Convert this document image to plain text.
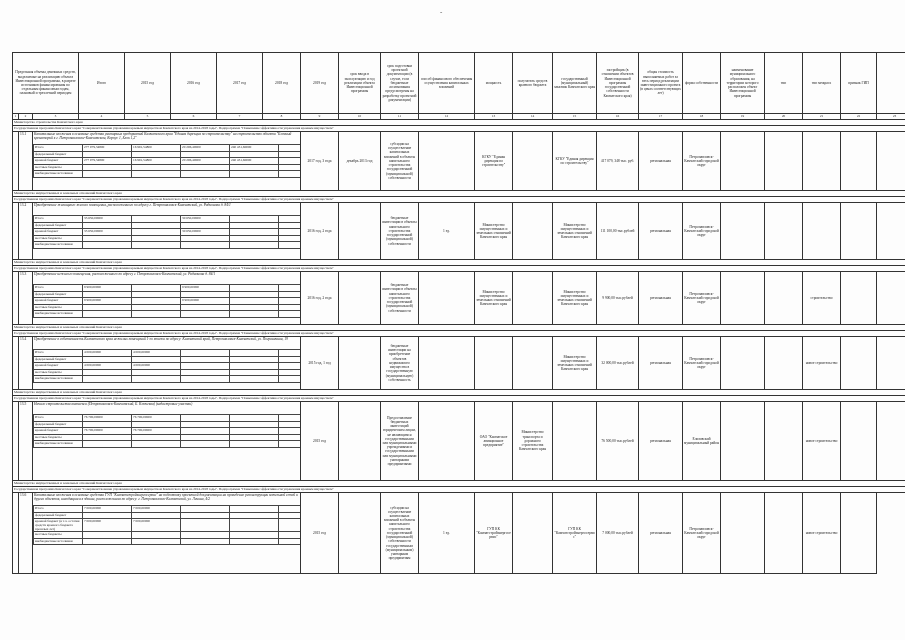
-
Предельная объемы денежных средств, выделяемые на реализацию объекта Инвестиционной программы, в разрезе источников финансирования по отдельным финансовым годам, плановый и трехлетний периодам	Итого	2015 год	2016 год	2017 год	2018 год	2019 год	срок ввода в эксплуатацию и год реализации объекта Инвестиционной программы	срок подготовки проектной документации (в случае, если бюджетные ассигнования предусмотрены на разработку проектной документации)	способ финансового обеспечения осуществления капитальных вложений	мощность	получатель средств краевого бюджета	государственный (муниципальный) заказчик Камчатского края	застройщик (в отношении объектов Инвестиционной программы государственной собственности Камчатского края)	общая стоимость выполняемых работ за весь период реализации инвестиционного проекта (в ценах соответствующих лет)	форма собственности	наименование муниципального образования, на территории которого расположен объект Инвестиционной программы	тип	тип межрасх	признак ГИП	
1	2	3	4	5	6	7	8	9	10	11	12	13	14	15	16	17	18	19	20	21	22	23
Министерство строительства Камчатского края
Государственная программа Камчатского края "Совершенствование управления краевым имуществом Камчатского края на 2014-2018 годы". Подпрограмма "Повышение эффективности управления краевым имуществом"
	13.1	Капитальные вложения в основные средства унитарных предприятий Камчатского края "Единая дирекция по строительству" на строительство объекта "Блочный крематорий в г. Петропавловске-Камчатском, Корпус 1, Блок 1,2"
Итого	277 079,34800	16 991,54800	20 206,40000	240 431,60000		
федеральный бюджет						
краевой бюджет	277 079,34800	16 991,54800	20 206,40000	240 431,60000		
местные бюджеты						
внебюджетные источники						
	2017 год, 3 года	декабрь 2013 год	субсидии на осуществление капитальных вложений в объекты капитального строительства государственной (муниципальной) собственности		КГКУ "Единая дирекция по строительству"		КГКУ "Единая дирекция по строительству"	417 079, 348 тыс. руб.	региональная	Петропавловск-Камчатский городской округ				
Министерство имущественных и земельных отношений Камчатского края
Государственная программа Камчатского края "Совершенствование управления краевым имуществом Камчатского края на 2014-2018 годы". Подпрограмма "Повышение эффективности управления краевым имуществом"
	13.2	Приобретение жилищного жилого помещения, расположенного по адресу г. Петропавловск-Камчатский, ул. Радионова д. 84/1
Итого	33 650,00000		30 650,00000			
федеральный бюджет						
краевой бюджет	33 650,00000		30 650,00000			
местные бюджеты						
внебюджетные источники						
	2016 год, 2 года		бюджетные инвестиции в объекты капитального строительства государственной (муниципальной) собственности	1 ед.	Министерство имущественных и земельных отношений Камчатского края		Министерство имущественных и земельных отношений Камчатского края	111 100,00 тыс.рублей	региональная	Петропавловск-Камчатский городской округ				
Министерство имущественных и земельных отношений Камчатского края
Государственная программа Камчатского края "Совершенствование управления краевым имуществом Камчатского края на 2014-2018 годы". Подпрограмма "Повышение эффективности управления краевым имуществом"
	13.3	Приобретение нежилого помещения, расположенного по адресу г. Петропавловск-Камчатский, ул. Радионова д. 84/1
Итого	9 900,00000		9 900,00000			
федеральный бюджет						
краевой бюджет	9 900,00000		9 900,00000			
местные бюджеты						
внебюджетные источники						
	2016 год, 2 года		бюджетные инвестиции в объекты капитального строительства государственной (муниципальной) собственности		Министерство имущественных и земельных отношений Камчатского края		Министерство имущественных и земельных отношений Камчатского края	9 900,00 тыс.рублей	региональная	Петропавловск-Камчатский городской округ			строительство	
Министерство имущественных и земельных отношений Камчатского края
Государственная программа Камчатского края "Совершенствование управления краевым имуществом Камчатского края на 2014-2018 годы". Подпрограмма "Повышение эффективности управления краевым имуществом"
	13.4	Приобретение в собственность Камчатского края нежилых помещений 1-го этажа по адресу: Камчатский край, Петропавловск-Камчатский, ул. Пограничная, 19
Итого	4 000,00000	4 000,00000				
федеральный бюджет						
краевой бюджет	4 000,00000	4 000,00000				
местные бюджеты						
внебюджетные источники						
	2015 год, 1 год		бюджетные инвестиции на приобретение объектов недвижимого имущества в государственную (муниципальную) собственность				Министерство имущественных и земельных отношений Камчатского края	32 000,00 тыс.рублей	региональная	Петропавловск-Камчатский городской округ			новое строительство	
Министерство имущественных и земельных отношений Камчатского края
Государственная программа Камчатского края "Совершенствование управления краевым имуществом Камчатского края на 2014-2018 годы". Подпрограмма "Повышение эффективности управления краевым имуществом"
	13.5	Начало строительства комплекса (Петропавловск-Камчатский, Б. Ключевая) (кадастровые участки)
Итого	76 700,00000	76 700,00000				
федеральный бюджет						
краевой бюджет	76 700,00000	76 700,00000				
местные бюджеты						
внебюджетные источники						
	2015 год		Предоставление бюджетных инвестиций юридическим лицам, не являющимся государственными или муниципальными учреждениями и государственными или муниципальными унитарными предприятиями		ОАО "Камчатское авиационное предприятие"	Министерство транспорта и дорожного строительства Камчатского края		76 500,00 тыс.рублей	региональная	Елизовский муниципальный район			новое строительство	
Министерство имущественных и земельных отношений Камчатского края
Государственная программа Камчатского края "Совершенствование управления краевым имуществом Камчатского края на 2014-2018 годы". Подпрограмма "Повышение эффективности управления краевым имуществом"
	13.6	Капитальные вложения в основные средства ГУП "Камчатстройэнергосервис" на подготовку проектной документации на проведение реконструкции котельной сетей и других объектов, находящихся в здании, расположенном по адресу: г. Петропавловск-Камчатский, ул. Ленина, 4/2
Итого	7 000,00000	7 000,00000				
федеральный бюджет						
краевой бюджет (в т.ч. остатки средств краевого бюджета прошлых лет)	7 000,00000	7 000,00000				
местные бюджеты						
внебюджетные источники						
	2015 год		субсидии на осуществление капитальных вложений в объекты капитального строительства государственной (муниципальной) собственности государственным (муниципальным) унитарным предприятиям	1 ед.	ГУП КК "Камчатстройэнергосервис"		ГУП КК "Камчатстройэнергосервис"	7 000,00 тыс.рублей	региональная	Петропавловск-Камчатский городской округ			новое строительство	
